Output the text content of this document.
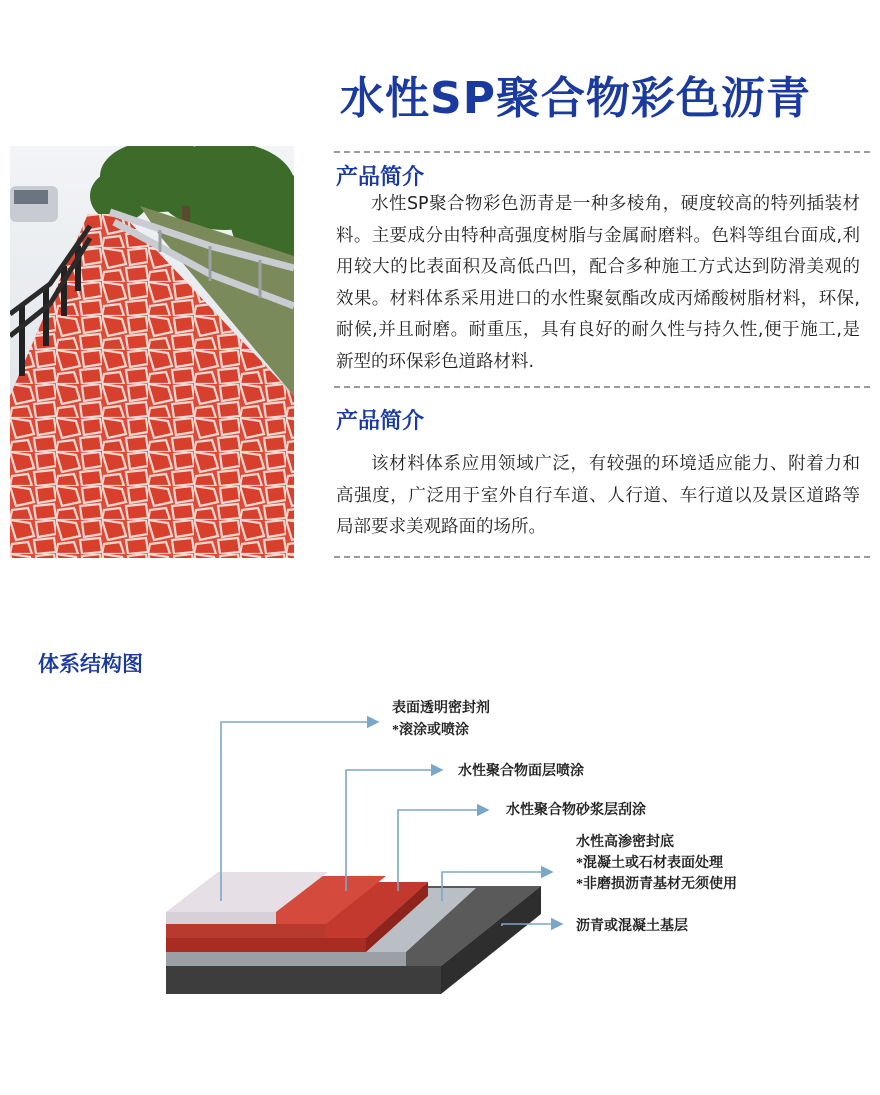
水性SP聚合物彩色沥青
产品简介
水性SP聚合物彩色沥青是一种多棱角，硬度较高的特列插装材料。主要成分由特种高强度树脂与金属耐磨料。色料等组台面成,利用较大的比表面积及高低凸凹，配合多种施工方式达到防滑美观的效果。材料体系采用进口的水性聚氨酯改成丙烯酸树脂材料，环保,耐候,并且耐磨。耐重压，具有良好的耐久性与持久性,便于施工,是新型的环保彩色道路材料.
产品简介
该材料体系应用领域广泛，有较强的环境适应能力、附着力和高强度，广泛用于室外自行车道、人行道、车行道以及景区道路等局部要求美观路面的场所。
体系结构图
表面透明密封剂
*滚涂或喷涂
水性聚合物面层喷涂
水性聚合物砂浆层刮涂
水性高渗密封底
*混凝土或石材表面处理
*非磨损沥青基材无须使用
沥青或混凝土基层
